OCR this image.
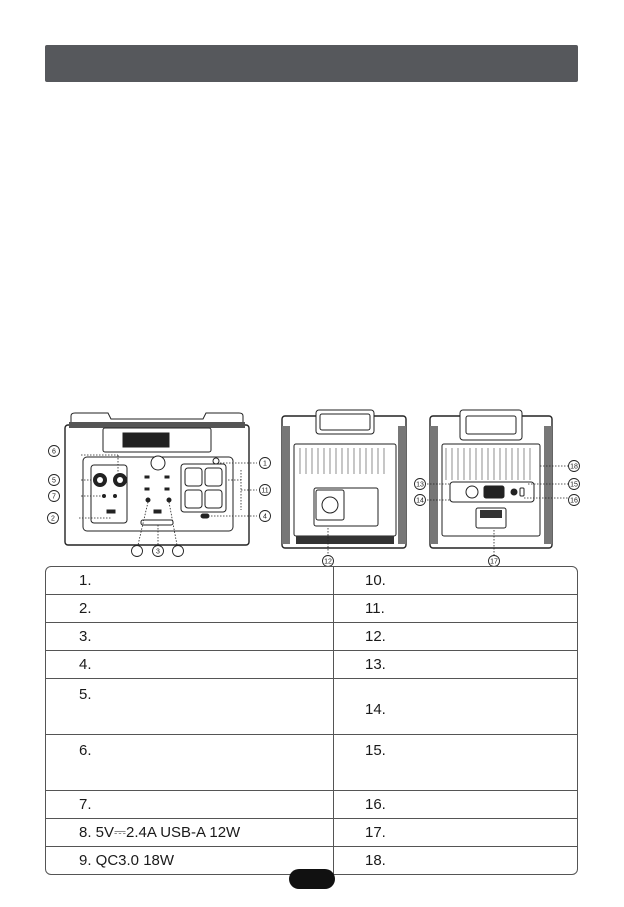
6
5
7
2
1
11
4
3
12
18
15
16
13
14
17
1.	10.
2.	11.
3.	12.
4.	13.
5.	14.
6.	15.
7.	16.
8. 5V⎓2.4A USB-A 12W	17.
9. QC3.0 18W	18.
